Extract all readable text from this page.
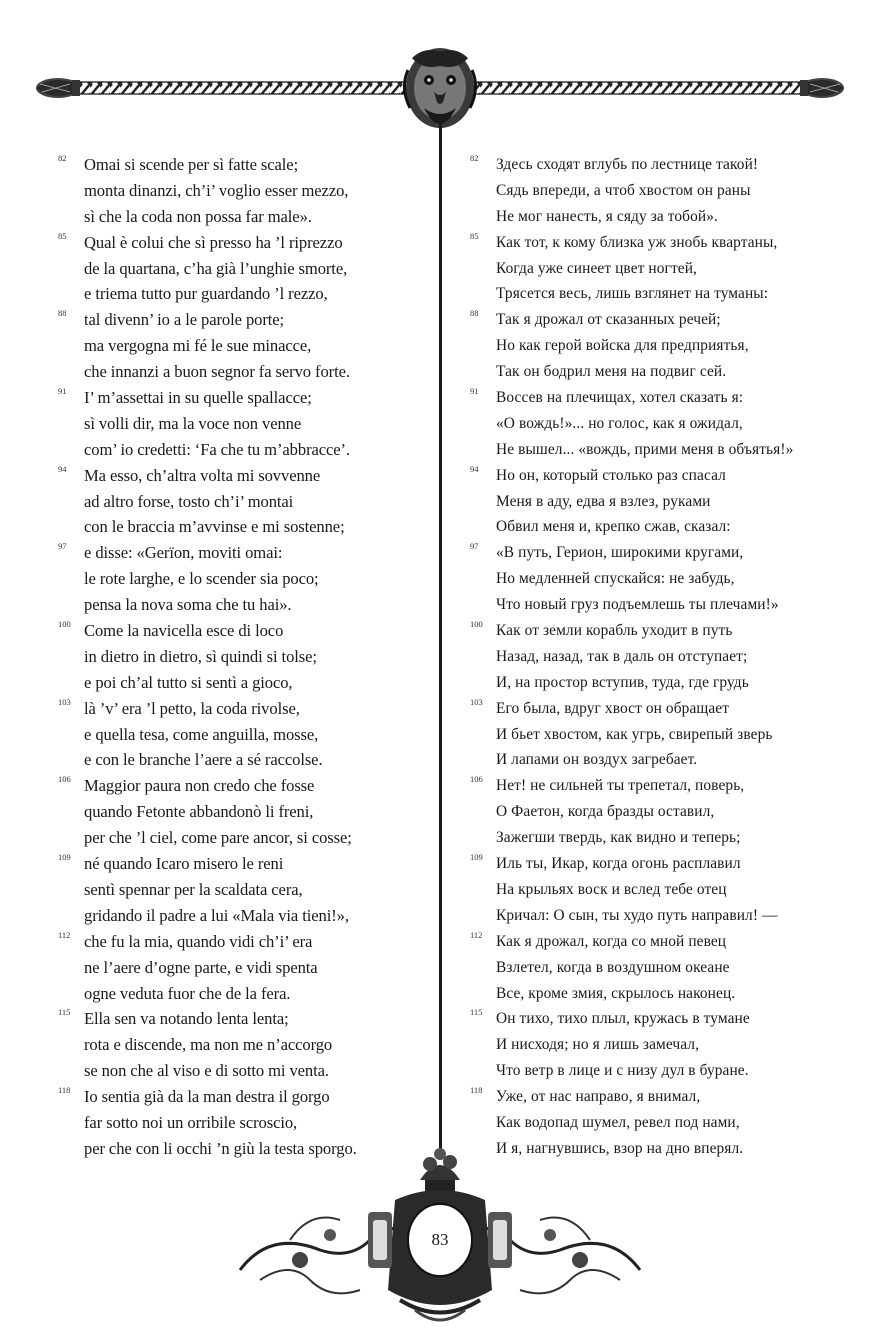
82 Omai si scende per sì fatte scale;
monta dinanzi, ch’i’ voglio esser mezzo,
sì che la coda non possa far male».
85 Qual è colui che sì presso ha ’l riprezzo
de la quartana, c’ha già l’unghie smorte,
e triema tutto pur guardando ’l rezzo,
88 tal divenn’ io a le parole porte;
ma vergogna mi fé le sue minacce,
che innanzi a buon segnor fa servo forte.
91 I’ m’assettai in su quelle spallacce;
sì volli dir, ma la voce non venne
com’ io credetti: ‘Fa che tu m’abbracce’.
94 Ma esso, ch’altra volta mi sovvenne
ad altro forse, tosto ch’i’ montai
con le braccia m’avvinse e mi sostenne;
97 e disse: «Gerïon, moviti omai:
le rote larghe, e lo scender sia poco;
pensa la nova soma che tu hai».
100 Come la navicella esce di loco
in dietro in dietro, sì quindi si tolse;
e poi ch’al tutto si sentì a gioco,
103 là ’v’ era ’l petto, la coda rivolse,
e quella tesa, come anguilla, mosse,
e con le branche l’aere a sé raccolse.
106 Maggior paura non credo che fosse
quando Fetonte abbandonò li freni,
per che ’l ciel, come pare ancor, si cosse;
109 né quando Icaro misero le reni
sentì spennar per la scaldata cera,
gridando il padre a lui «Mala via tieni!»,
112 che fu la mia, quando vidi ch’i’ era
ne l’aere d’ogne parte, e vidi spenta
ogne veduta fuor che de la fera.
115 Ella sen va notando lenta lenta;
rota e discende, ma non me n’accorgo
se non che al viso e di sotto mi venta.
118 Io sentia già da la man destra il gorgo
far sotto noi un orribile scroscio,
per che con li occhi ’n giù la testa sporgo.
82 Здесь сходят вглубь по лестнице такой!
Сядь впереди, а чтоб хвостом он раны
Не мог нанесть, я сяду за тобой».
85 Как тот, к кому близка уж знобь квартаны,
Когда уже синеет цвет ногтей,
Трясется весь, лишь взглянет на туманы:
88 Так я дрожал от сказанных речей;
Но как герой войска для предприятья,
Так он бодрил меня на подвиг сей.
91 Воссев на плечищах, хотел сказать я:
«О вождь!»... но голос, как я ожидал,
Не вышел... «вождь, прими меня в объятья!»
94 Но он, который столько раз спасал
Меня в аду, едва я взлез, руками
Обвил меня и, крепко сжав, сказал:
97 «В путь, Герион, широкими кругами,
Но медленней спускайся: не забудь,
Что новый груз подъемлешь ты плечами!»
100 Как от земли корабль уходит в путь
Назад, назад, так в даль он отступает;
И, на простор вступив, туда, где грудь
103 Его была, вдруг хвост он обращает
И бьет хвостом, как угрь, свирепый зверь
И лапами он воздух загребает.
106 Нет! не сильней ты трепетал, поверь,
О Фаетон, когда бразды оставил,
Зажегши твердь, как видно и теперь;
109 Иль ты, Икар, когда огонь расплавил
На крыльях воск и вслед тебе отец
Кричал: О сын, ты худо путь направил! —
112 Как я дрожал, когда со мной певец
Взлетел, когда в воздушном океане
Все, кроме змия, скрылось наконец.
115 Он тихо, тихо плыл, кружась в тумане
И нисходя; но я лишь замечал,
Что ветр в лице и с низу дул в буране.
118 Уже, от нас направо, я внимал,
Как водопад шумел, ревел под нами,
И я, нагнувшись, взор на дно вперял.
83
